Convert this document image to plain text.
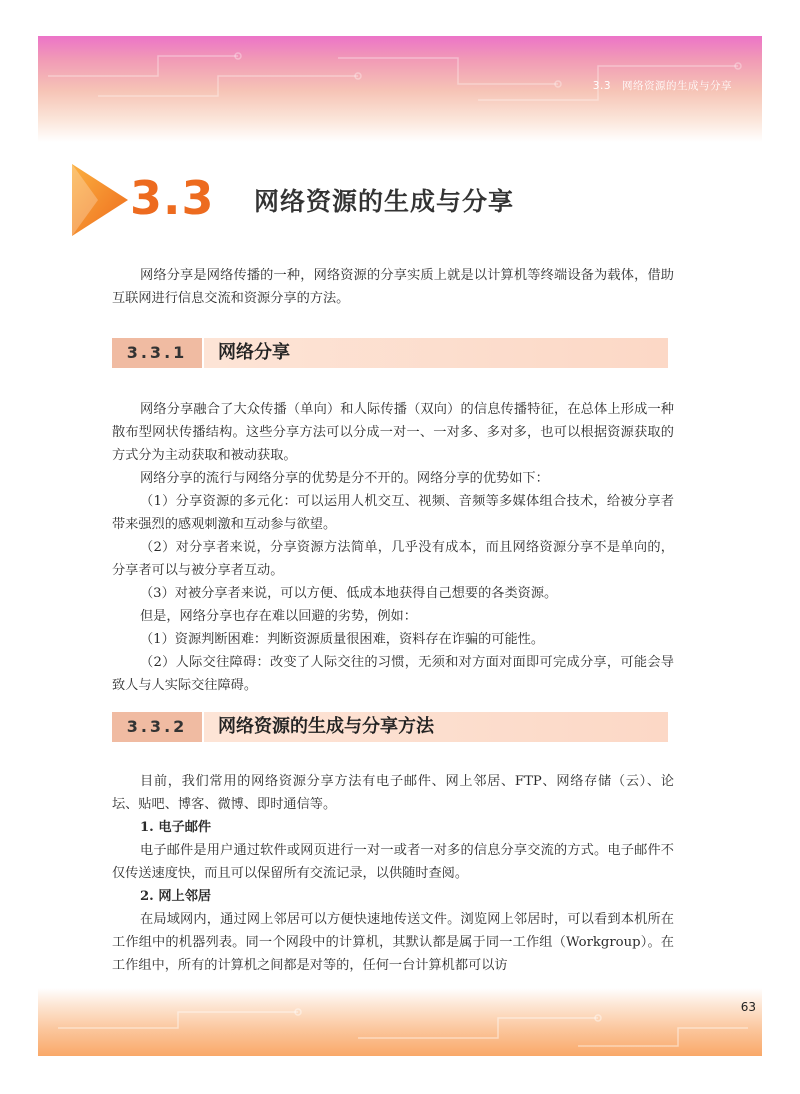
3.3　网络资源的生成与分享
3.3 网络资源的生成与分享

网络分享是网络传播的一种，网络资源的分享实质上就是以计算机等终端设备为载体，借助互联网进行信息交流和资源分享的方法。

3.3.1	网络分享

网络分享融合了大众传播（单向）和人际传播（双向）的信息传播特征，在总体上形成一种散布型网状传播结构。这些分享方法可以分成一对一、一对多、多对多，也可以根据资源获取的方式分为主动获取和被动获取。

网络分享的流行与网络分享的优势是分不开的。网络分享的优势如下：

（1）分享资源的多元化：可以运用人机交互、视频、音频等多媒体组合技术，给被分享者带来强烈的感观刺激和互动参与欲望。

（2）对分享者来说，分享资源方法简单，几乎没有成本，而且网络资源分享不是单向的，分享者可以与被分享者互动。

（3）对被分享者来说，可以方便、低成本地获得自己想要的各类资源。

但是，网络分享也存在难以回避的劣势，例如：

（1）资源判断困难：判断资源质量很困难，资料存在诈骗的可能性。

（2）人际交往障碍：改变了人际交往的习惯，无须和对方面对面即可完成分享，可能会导致人与人实际交往障碍。

3.3.2	网络资源的生成与分享方法

目前，我们常用的网络资源分享方法有电子邮件、网上邻居、FTP、网络存储（云）、论坛、贴吧、博客、微博、即时通信等。

1. 电子邮件

电子邮件是用户通过软件或网页进行一对一或者一对多的信息分享交流的方式。电子邮件不仅传送速度快，而且可以保留所有交流记录，以供随时查阅。

2. 网上邻居

在局域网内，通过网上邻居可以方便快速地传送文件。浏览网上邻居时，可以看到本机所在工作组中的机器列表。同一个网段中的计算机，其默认都是属于同一工作组（Workgroup）。在工作组中，所有的计算机之间都是对等的，任何一台计算机都可以访

63
